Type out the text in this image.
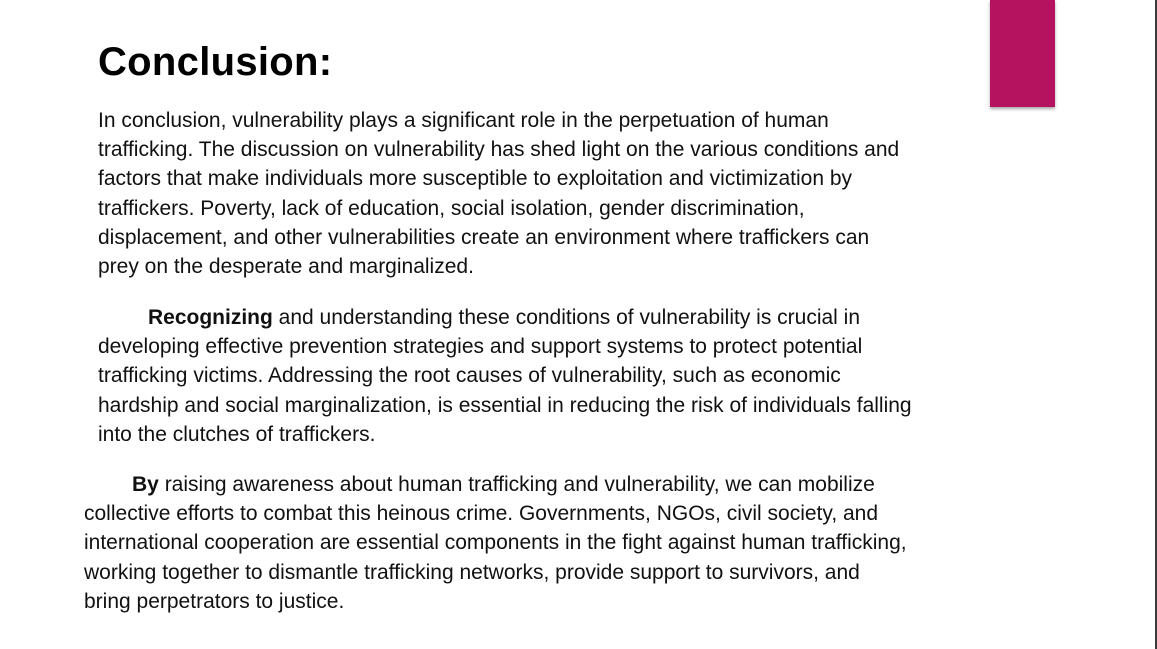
Conclusion:

In conclusion, vulnerability plays a significant role in the perpetuation of human
trafficking. The discussion on vulnerability has shed light on the various conditions and
factors that make individuals more susceptible to exploitation and victimization by
traffickers. Poverty, lack of education, social isolation, gender discrimination,
displacement, and other vulnerabilities create an environment where traffickers can
prey on the desperate and marginalized.

Recognizing and understanding these conditions of vulnerability is crucial in
developing effective prevention strategies and support systems to protect potential
trafficking victims. Addressing the root causes of vulnerability, such as economic
hardship and social marginalization, is essential in reducing the risk of individuals falling
into the clutches of traffickers.

By raising awareness about human trafficking and vulnerability, we can mobilize
collective efforts to combat this heinous crime. Governments, NGOs, civil society, and
international cooperation are essential components in the fight against human trafficking,
working together to dismantle trafficking networks, provide support to survivors, and
bring perpetrators to justice.
